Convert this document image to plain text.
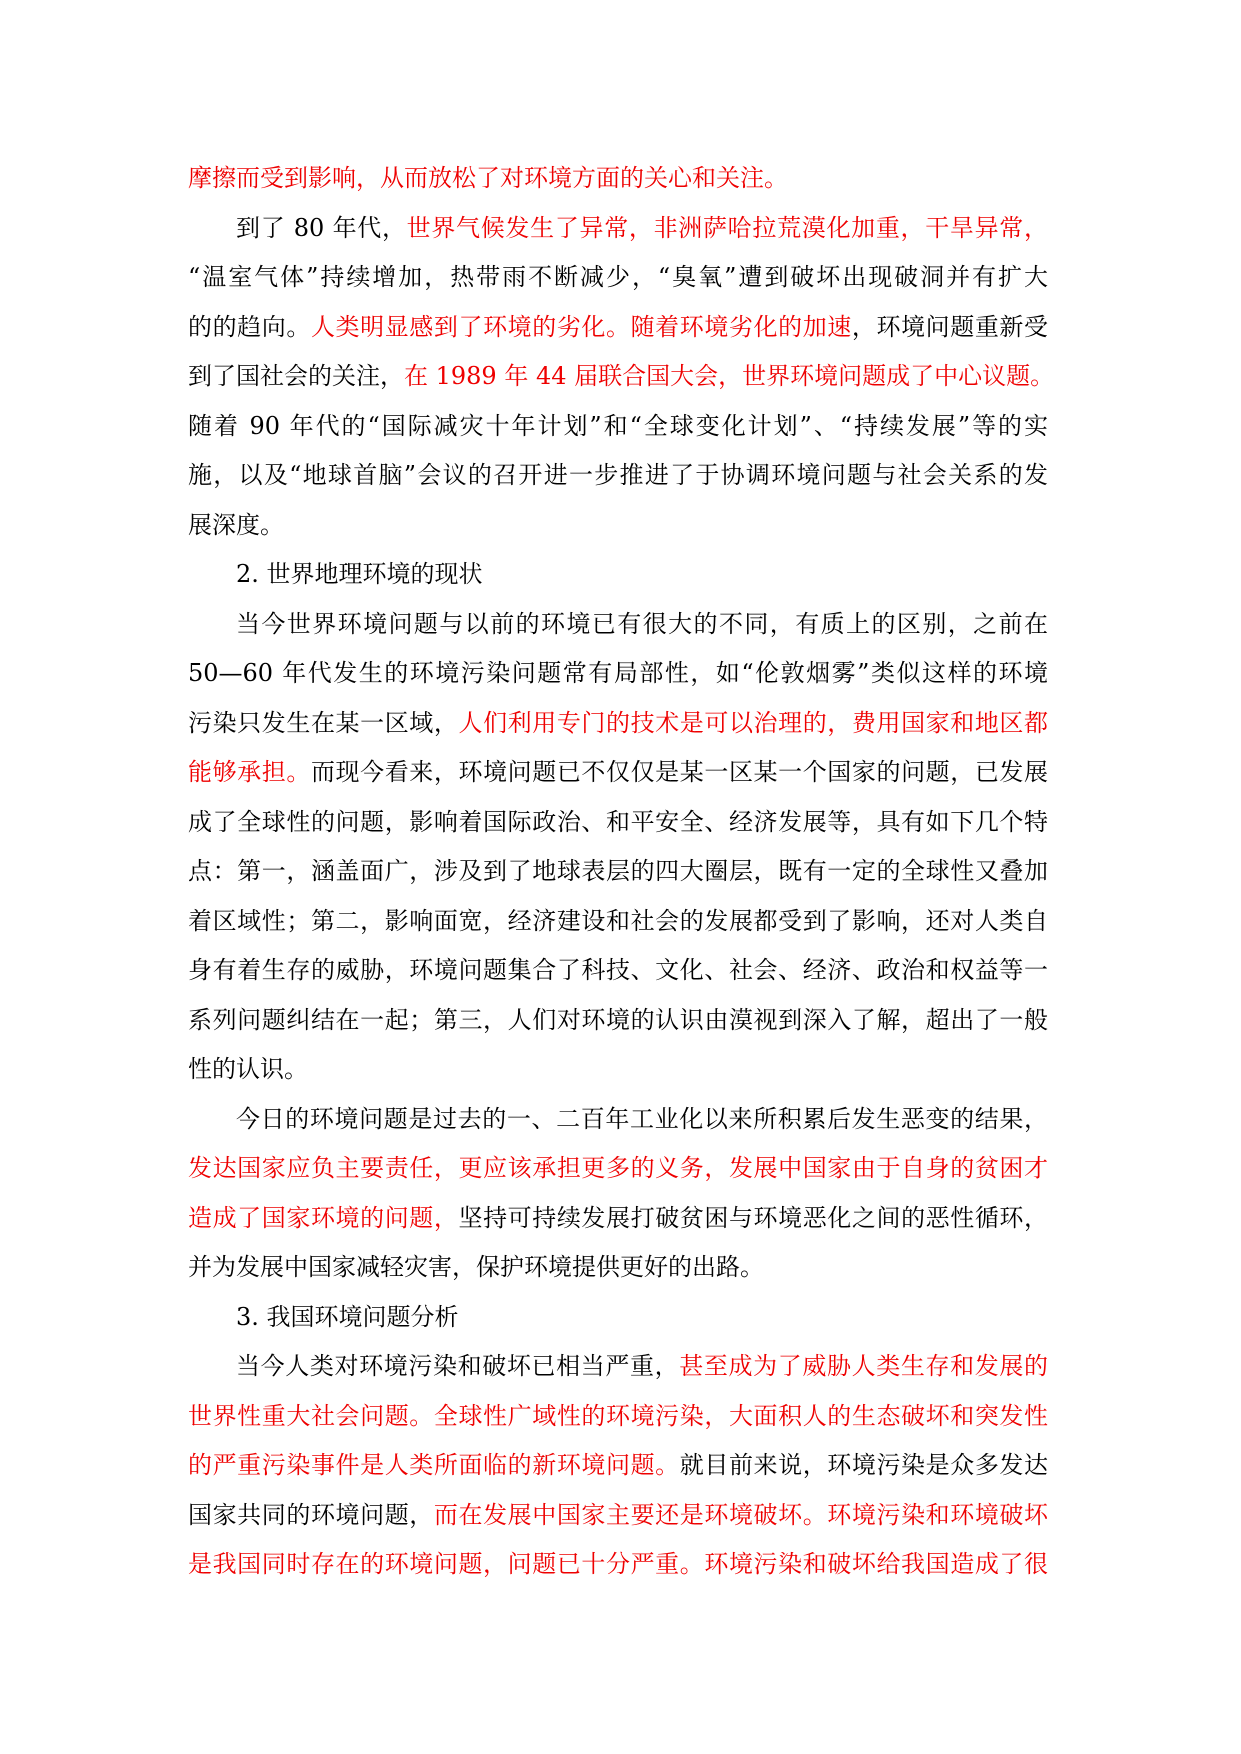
摩擦而受到影响，从而放松了对环境方面的关心和关注。
到了 80 年代，世界气候发生了异常，非洲萨哈拉荒漠化加重，干旱异常，
“温室气体”持续增加，热带雨不断减少，“臭氧”遭到破坏出现破洞并有扩大
的的趋向。人类明显感到了环境的劣化。随着环境劣化的加速，环境问题重新受
到了国社会的关注，在 1989 年 44 届联合国大会，世界环境问题成了中心议题。
随着 90 年代的“国际减灾十年计划”和“全球变化计划”、“持续发展”等的实
施，以及“地球首脑”会议的召开进一步推进了于协调环境问题与社会关系的发
展深度。
2. 世界地理环境的现状
当今世界环境问题与以前的环境已有很大的不同，有质上的区别，之前在
50—60 年代发生的环境污染问题常有局部性，如“伦敦烟雾”类似这样的环境
污染只发生在某一区域，人们利用专门的技术是可以治理的，费用国家和地区都
能够承担。而现今看来，环境问题已不仅仅是某一区某一个国家的问题，已发展
成了全球性的问题，影响着国际政治、和平安全、经济发展等，具有如下几个特
点：第一，涵盖面广，涉及到了地球表层的四大圈层，既有一定的全球性又叠加
着区域性；第二，影响面宽，经济建设和社会的发展都受到了影响，还对人类自
身有着生存的威胁，环境问题集合了科技、文化、社会、经济、政治和权益等一
系列问题纠结在一起；第三，人们对环境的认识由漠视到深入了解，超出了一般
性的认识。
今日的环境问题是过去的一、二百年工业化以来所积累后发生恶变的结果，
发达国家应负主要责任，更应该承担更多的义务，发展中国家由于自身的贫困才
造成了国家环境的问题，坚持可持续发展打破贫困与环境恶化之间的恶性循环，
并为发展中国家减轻灾害，保护环境提供更好的出路。
3. 我国环境问题分析
当今人类对环境污染和破坏已相当严重，甚至成为了威胁人类生存和发展的
世界性重大社会问题。全球性广域性的环境污染，大面积人的生态破坏和突发性
的严重污染事件是人类所面临的新环境问题。就目前来说，环境污染是众多发达
国家共同的环境问题，而在发展中国家主要还是环境破坏。环境污染和环境破坏
是我国同时存在的环境问题，问题已十分严重。环境污染和破坏给我国造成了很
